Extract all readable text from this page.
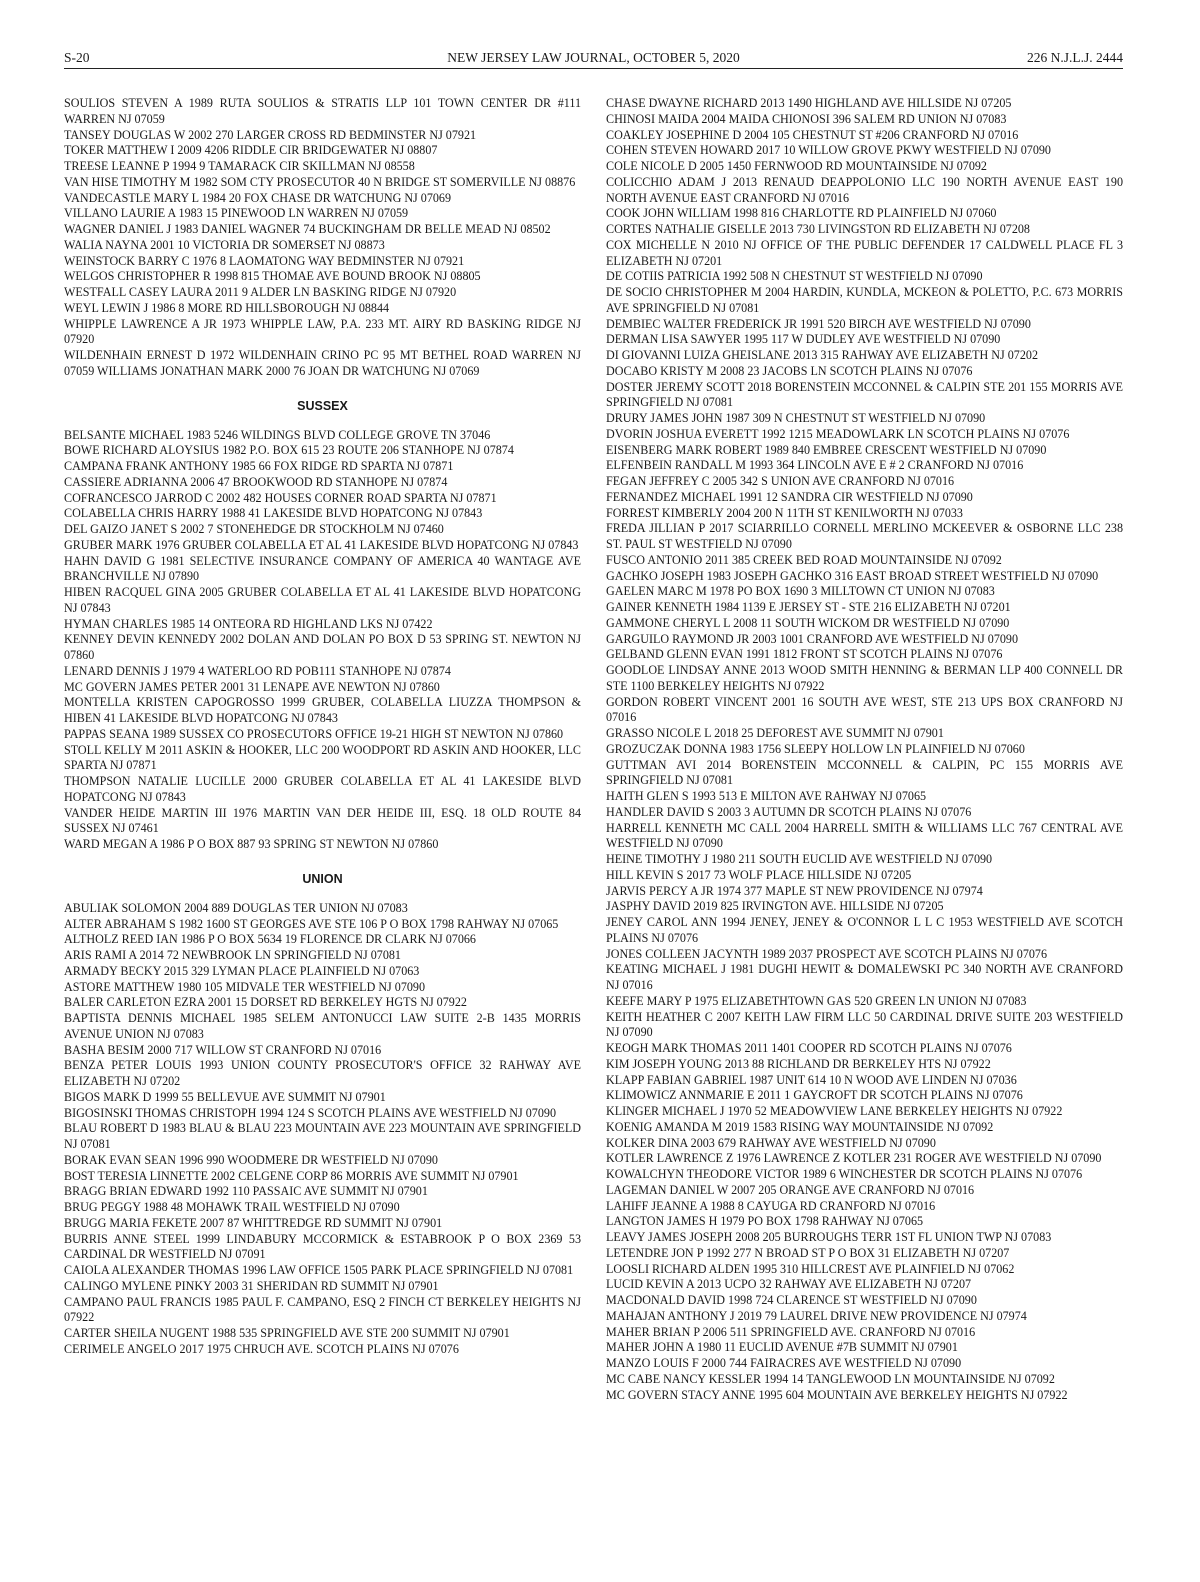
S-20	NEW JERSEY LAW JOURNAL, OCTOBER 5, 2020	226 N.J.L.J. 2444

SOULIOS STEVEN A 1989 RUTA SOULIOS & STRATIS LLP 101 TOWN CENTER DR #111 WARREN NJ 07059

TANSEY DOUGLAS W 2002 270 LARGER CROSS RD BEDMINSTER NJ 07921

TOKER MATTHEW I 2009 4206 RIDDLE CIR BRIDGEWATER NJ 08807

TREESE LEANNE P 1994 9 TAMARACK CIR SKILLMAN NJ 08558

VAN HISE TIMOTHY M 1982 SOM CTY PROSECUTOR 40 N BRIDGE ST SOMERVILLE NJ 08876

VANDECASTLE MARY L 1984 20 FOX CHASE DR WATCHUNG NJ 07069

VILLANO LAURIE A 1983 15 PINEWOOD LN WARREN NJ 07059

WAGNER DANIEL J 1983 DANIEL WAGNER 74 BUCKINGHAM DR BELLE MEAD NJ 08502

WALIA NAYNA 2001 10 VICTORIA DR SOMERSET NJ 08873

WEINSTOCK BARRY C 1976 8 LAOMATONG WAY BEDMINSTER NJ 07921

WELGOS CHRISTOPHER R 1998 815 THOMAE AVE BOUND BROOK NJ 08805

WESTFALL CASEY LAURA 2011 9 ALDER LN BASKING RIDGE NJ 07920

WEYL LEWIN J 1986 8 MORE RD HILLSBOROUGH NJ 08844

WHIPPLE LAWRENCE A JR 1973 WHIPPLE LAW, P.A. 233 MT. AIRY RD BASKING RIDGE NJ 07920

WILDENHAIN ERNEST D 1972 WILDENHAIN CRINO PC 95 MT BETHEL ROAD WARREN NJ 07059 WILLIAMS JONATHAN MARK 2000 76 JOAN DR WATCHUNG NJ 07069

SUSSEX

BELSANTE MICHAEL 1983 5246 WILDINGS BLVD COLLEGE GROVE TN 37046

BOWE RICHARD ALOYSIUS 1982 P.O. BOX 615 23 ROUTE 206 STANHOPE NJ 07874

CAMPANA FRANK ANTHONY 1985 66 FOX RIDGE RD SPARTA NJ 07871

CASSIERE ADRIANNA 2006 47 BROOKWOOD RD STANHOPE NJ 07874

COFRANCESCO JARROD C 2002 482 HOUSES CORNER ROAD SPARTA NJ 07871

COLABELLA CHRIS HARRY 1988 41 LAKESIDE BLVD HOPATCONG NJ 07843

DEL GAIZO JANET S 2002 7 STONEHEDGE DR STOCKHOLM NJ 07460

GRUBER MARK 1976 GRUBER COLABELLA ET AL 41 LAKESIDE BLVD HOPATCONG NJ 07843

HAHN DAVID G 1981 SELECTIVE INSURANCE COMPANY OF AMERICA 40 WANTAGE AVE BRANCHVILLE NJ 07890

HIBEN RACQUEL GINA 2005 GRUBER COLABELLA ET AL 41 LAKESIDE BLVD HOPATCONG NJ 07843

HYMAN CHARLES 1985 14 ONTEORA RD HIGHLAND LKS NJ 07422

KENNEY DEVIN KENNEDY 2002 DOLAN AND DOLAN PO BOX D 53 SPRING ST. NEWTON NJ 07860

LENARD DENNIS J 1979 4 WATERLOO RD POB111 STANHOPE NJ 07874

MC GOVERN JAMES PETER 2001 31 LENAPE AVE NEWTON NJ 07860

MONTELLA KRISTEN CAPOGROSSO 1999 GRUBER, COLABELLA LIUZZA THOMPSON & HIBEN 41 LAKESIDE BLVD HOPATCONG NJ 07843

PAPPAS SEANA 1989 SUSSEX CO PROSECUTORS OFFICE 19-21 HIGH ST NEWTON NJ 07860

STOLL KELLY M 2011 ASKIN & HOOKER, LLC 200 WOODPORT RD ASKIN AND HOOKER, LLC SPARTA NJ 07871

THOMPSON NATALIE LUCILLE 2000 GRUBER COLABELLA ET AL 41 LAKESIDE BLVD HOPATCONG NJ 07843

VANDER HEIDE MARTIN III 1976 MARTIN VAN DER HEIDE III, ESQ. 18 OLD ROUTE 84 SUSSEX NJ 07461

WARD MEGAN A 1986 P O BOX 887 93 SPRING ST NEWTON NJ 07860

UNION

ABULIAK SOLOMON 2004 889 DOUGLAS TER UNION NJ 07083

ALTER ABRAHAM S 1982 1600 ST GEORGES AVE STE 106 P O BOX 1798 RAHWAY NJ 07065

ALTHOLZ REED IAN 1986 P O BOX 5634 19 FLORENCE DR CLARK NJ 07066

ARIS RAMI A 2014 72 NEWBROOK LN SPRINGFIELD NJ 07081

ARMADY BECKY 2015 329 LYMAN PLACE PLAINFIELD NJ 07063

ASTORE MATTHEW 1980 105 MIDVALE TER WESTFIELD NJ 07090

BALER CARLETON EZRA 2001 15 DORSET RD BERKELEY HGTS NJ 07922

BAPTISTA DENNIS MICHAEL 1985 SELEM ANTONUCCI LAW SUITE 2-B 1435 MORRIS AVENUE UNION NJ 07083

BASHA BESIM 2000 717 WILLOW ST CRANFORD NJ 07016

BENZA PETER LOUIS 1993 UNION COUNTY PROSECUTOR'S OFFICE 32 RAHWAY AVE ELIZABETH NJ 07202

BIGOS MARK D 1999 55 BELLEVUE AVE SUMMIT NJ 07901

BIGOSINSKI THOMAS CHRISTOPH 1994 124 S SCOTCH PLAINS AVE WESTFIELD NJ 07090

BLAU ROBERT D 1983 BLAU & BLAU 223 MOUNTAIN AVE 223 MOUNTAIN AVE SPRINGFIELD NJ 07081

BORAK EVAN SEAN 1996 990 WOODMERE DR WESTFIELD NJ 07090

BOST TERESIA LINNETTE 2002 CELGENE CORP 86 MORRIS AVE SUMMIT NJ 07901

BRAGG BRIAN EDWARD 1992 110 PASSAIC AVE SUMMIT NJ 07901

BRUG PEGGY 1988 48 MOHAWK TRAIL WESTFIELD NJ 07090

BRUGG MARIA FEKETE 2007 87 WHITTREDGE RD SUMMIT NJ 07901

BURRIS ANNE STEEL 1999 LINDABURY MCCORMICK & ESTABROOK P O BOX 2369 53 CARDINAL DR WESTFIELD NJ 07091

CAIOLA ALEXANDER THOMAS 1996 LAW OFFICE 1505 PARK PLACE SPRINGFIELD NJ 07081

CALINGO MYLENE PINKY 2003 31 SHERIDAN RD SUMMIT NJ 07901

CAMPANO PAUL FRANCIS 1985 PAUL F. CAMPANO, ESQ 2 FINCH CT BERKELEY HEIGHTS NJ 07922

CARTER SHEILA NUGENT 1988 535 SPRINGFIELD AVE STE 200 SUMMIT NJ 07901

CERIMELE ANGELO 2017 1975 CHRUCH AVE. SCOTCH PLAINS NJ 07076

CHASE DWAYNE RICHARD 2013 1490 HIGHLAND AVE HILLSIDE NJ 07205

CHINOSI MAIDA 2004 MAIDA CHIONOSI 396 SALEM RD UNION NJ 07083

COAKLEY JOSEPHINE D 2004 105 CHESTNUT ST #206 CRANFORD NJ 07016

COHEN STEVEN HOWARD 2017 10 WILLOW GROVE PKWY WESTFIELD NJ 07090

COLE NICOLE D 2005 1450 FERNWOOD RD MOUNTAINSIDE NJ 07092

COLICCHIO ADAM J 2013 RENAUD DEAPPOLONIO LLC 190 NORTH AVENUE EAST 190 NORTH AVENUE EAST CRANFORD NJ 07016

COOK JOHN WILLIAM 1998 816 CHARLOTTE RD PLAINFIELD NJ 07060

CORTES NATHALIE GISELLE 2013 730 LIVINGSTON RD ELIZABETH NJ 07208

COX MICHELLE N 2010 NJ OFFICE OF THE PUBLIC DEFENDER 17 CALDWELL PLACE FL 3 ELIZABETH NJ 07201

DE COTIIS PATRICIA 1992 508 N CHESTNUT ST WESTFIELD NJ 07090

DE SOCIO CHRISTOPHER M 2004 HARDIN, KUNDLA, MCKEON & POLETTO, P.C. 673 MORRIS AVE SPRINGFIELD NJ 07081

DEMBIEC WALTER FREDERICK JR 1991 520 BIRCH AVE WESTFIELD NJ 07090

DERMAN LISA SAWYER 1995 117 W DUDLEY AVE WESTFIELD NJ 07090

DI GIOVANNI LUIZA GHEISLANE 2013 315 RAHWAY AVE ELIZABETH NJ 07202

DOCABO KRISTY M 2008 23 JACOBS LN SCOTCH PLAINS NJ 07076

DOSTER JEREMY SCOTT 2018 BORENSTEIN MCCONNEL & CALPIN STE 201 155 MORRIS AVE SPRINGFIELD NJ 07081

DRURY JAMES JOHN 1987 309 N CHESTNUT ST WESTFIELD NJ 07090

DVORIN JOSHUA EVERETT 1992 1215 MEADOWLARK LN SCOTCH PLAINS NJ 07076

EISENBERG MARK ROBERT 1989 840 EMBREE CRESCENT WESTFIELD NJ 07090

ELFENBEIN RANDALL M 1993 364 LINCOLN AVE E # 2 CRANFORD NJ 07016

FEGAN JEFFREY C 2005 342 S UNION AVE CRANFORD NJ 07016

FERNANDEZ MICHAEL 1991 12 SANDRA CIR WESTFIELD NJ 07090

FORREST KIMBERLY 2004 200 N 11TH ST KENILWORTH NJ 07033

FREDA JILLIAN P 2017 SCIARRILLO CORNELL MERLINO MCKEEVER & OSBORNE LLC 238 ST. PAUL ST WESTFIELD NJ 07090

FUSCO ANTONIO 2011 385 CREEK BED ROAD MOUNTAINSIDE NJ 07092

GACHKO JOSEPH 1983 JOSEPH GACHKO 316 EAST BROAD STREET WESTFIELD NJ 07090

GAELEN MARC M 1978 PO BOX 1690 3 MILLTOWN CT UNION NJ 07083

GAINER KENNETH 1984 1139 E JERSEY ST - STE 216 ELIZABETH NJ 07201

GAMMONE CHERYL L 2008 11 SOUTH WICKOM DR WESTFIELD NJ 07090

GARGUILO RAYMOND JR 2003 1001 CRANFORD AVE WESTFIELD NJ 07090

GELBAND GLENN EVAN 1991 1812 FRONT ST SCOTCH PLAINS NJ 07076

GOODLOE LINDSAY ANNE 2013 WOOD SMITH HENNING & BERMAN LLP 400 CONNELL DR STE 1100 BERKELEY HEIGHTS NJ 07922

GORDON ROBERT VINCENT 2001 16 SOUTH AVE WEST, STE 213 UPS BOX CRANFORD NJ 07016

GRASSO NICOLE L 2018 25 DEFOREST AVE SUMMIT NJ 07901

GROZUCZAK DONNA 1983 1756 SLEEPY HOLLOW LN PLAINFIELD NJ 07060

GUTTMAN AVI 2014 BORENSTEIN MCCONNELL & CALPIN, PC 155 MORRIS AVE SPRINGFIELD NJ 07081

HAITH GLEN S 1993 513 E MILTON AVE RAHWAY NJ 07065

HANDLER DAVID S 2003 3 AUTUMN DR SCOTCH PLAINS NJ 07076

HARRELL KENNETH MC CALL 2004 HARRELL SMITH & WILLIAMS LLC 767 CENTRAL AVE WESTFIELD NJ 07090

HEINE TIMOTHY J 1980 211 SOUTH EUCLID AVE WESTFIELD NJ 07090

HILL KEVIN S 2017 73 WOLF PLACE HILLSIDE NJ 07205

JARVIS PERCY A JR 1974 377 MAPLE ST NEW PROVIDENCE NJ 07974

JASPHY DAVID 2019 825 IRVINGTON AVE. HILLSIDE NJ 07205

JENEY CAROL ANN 1994 JENEY, JENEY & O'CONNOR L L C 1953 WESTFIELD AVE SCOTCH PLAINS NJ 07076

JONES COLLEEN JACYNTH 1989 2037 PROSPECT AVE SCOTCH PLAINS NJ 07076

KEATING MICHAEL J 1981 DUGHI HEWIT & DOMALEWSKI PC 340 NORTH AVE CRANFORD NJ 07016

KEEFE MARY P 1975 ELIZABETHTOWN GAS 520 GREEN LN UNION NJ 07083

KEITH HEATHER C 2007 KEITH LAW FIRM LLC 50 CARDINAL DRIVE SUITE 203 WESTFIELD NJ 07090

KEOGH MARK THOMAS 2011 1401 COOPER RD SCOTCH PLAINS NJ 07076

KIM JOSEPH YOUNG 2013 88 RICHLAND DR BERKELEY HTS NJ 07922

KLAPP FABIAN GABRIEL 1987 UNIT 614 10 N WOOD AVE LINDEN NJ 07036

KLIMOWICZ ANNMARIE E 2011 1 GAYCROFT DR SCOTCH PLAINS NJ 07076

KLINGER MICHAEL J 1970 52 MEADOWVIEW LANE BERKELEY HEIGHTS NJ 07922

KOENIG AMANDA M 2019 1583 RISING WAY MOUNTAINSIDE NJ 07092

KOLKER DINA 2003 679 RAHWAY AVE WESTFIELD NJ 07090

KOTLER LAWRENCE Z 1976 LAWRENCE Z KOTLER 231 ROGER AVE WESTFIELD NJ 07090

KOWALCHYN THEODORE VICTOR 1989 6 WINCHESTER DR SCOTCH PLAINS NJ 07076

LAGEMAN DANIEL W 2007 205 ORANGE AVE CRANFORD NJ 07016

LAHIFF JEANNE A 1988 8 CAYUGA RD CRANFORD NJ 07016

LANGTON JAMES H 1979 PO BOX 1798 RAHWAY NJ 07065

LEAVY JAMES JOSEPH 2008 205 BURROUGHS TERR 1ST FL UNION TWP NJ 07083

LETENDRE JON P 1992 277 N BROAD ST P O BOX 31 ELIZABETH NJ 07207

LOOSLI RICHARD ALDEN 1995 310 HILLCREST AVE PLAINFIELD NJ 07062

LUCID KEVIN A 2013 UCPO 32 RAHWAY AVE ELIZABETH NJ 07207

MACDONALD DAVID 1998 724 CLARENCE ST WESTFIELD NJ 07090

MAHAJAN ANTHONY J 2019 79 LAUREL DRIVE NEW PROVIDENCE NJ 07974

MAHER BRIAN P 2006 511 SPRINGFIELD AVE. CRANFORD NJ 07016

MAHER JOHN A 1980 11 EUCLID AVENUE #7B SUMMIT NJ 07901

MANZO LOUIS F 2000 744 FAIRACRES AVE WESTFIELD NJ 07090

MC CABE NANCY KESSLER 1994 14 TANGLEWOOD LN MOUNTAINSIDE NJ 07092

MC GOVERN STACY ANNE 1995 604 MOUNTAIN AVE BERKELEY HEIGHTS NJ 07922
